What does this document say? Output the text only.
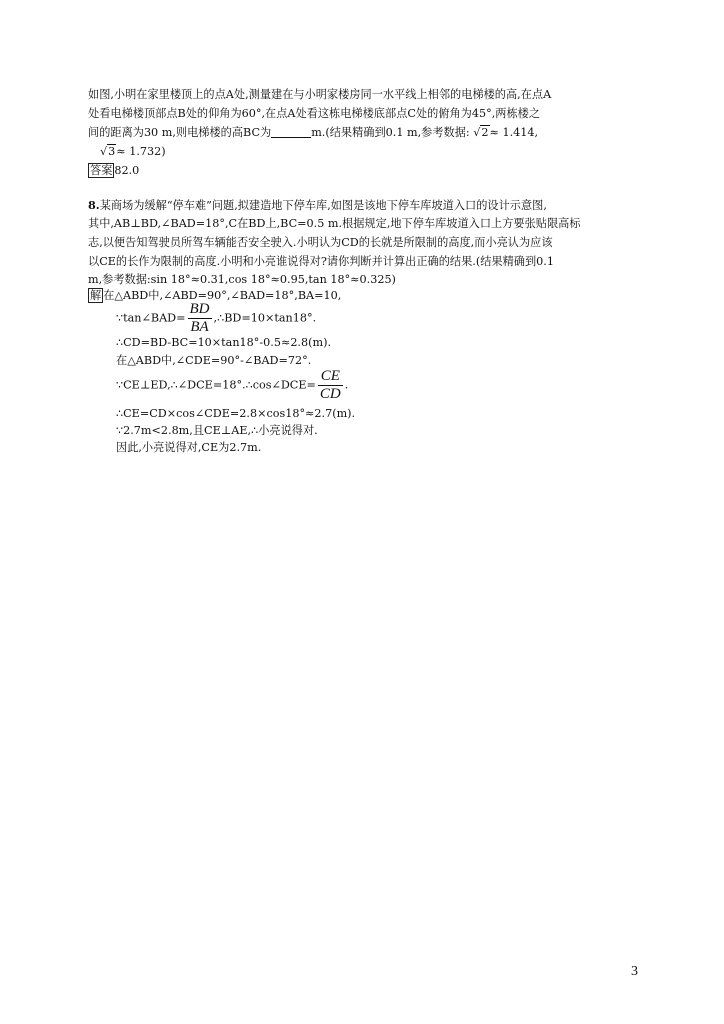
如图,小明在家里楼顶上的点A处,测量建在与小明家楼房同一水平线上相邻的电梯楼的高,在点A
处看电梯楼顶部点B处的仰角为60°,在点A处看这栋电梯楼底部点C处的俯角为45°,两栋楼之
间的距离为30 m,则电梯楼的高BC为	m.(结果精确到0.1 m,参考数据: √2≈ 1.414,
√3≈ 1.732)
答案 82.0
8.某商场为缓解“停车难”问题,拟建造地下停车库,如图是该地下停车库坡道入口的设计示意图,
其中,AB⊥BD,∠BAD=18°,C在BD上,BC=0.5 m.根据规定,地下停车库坡道入口上方要张贴限高标
志,以便告知驾驶员所驾车辆能否安全驶入.小明认为CD的长就是所限制的高度,而小亮认为应该
以CE的长作为限制的高度.小明和小亮谁说得对?请你判断并计算出正确的结果.(结果精确到0.1
m,参考数据:sin 18°≈0.31,cos 18°≈0.95,tan 18°≈0.325)
解 在△ABD中,∠ABD=90°,∠BAD=18°,BA=10,
∵tan∠BAD= $\frac{BD}{BA}$ ,∴BD=10×tan18°.
∴CD=BD-BC=10×tan18°-0.5≈2.8(m).
在△ABD中,∠CDE=90°-∠BAD=72°.
∵CE⊥ED,∴∠DCE=18°.∴cos∠DCE= $\frac{CE}{CD}$ .
∴CE=CD×cos∠CDE=2.8×cos18°≈2.7(m).
∵2.7m<2.8m,且CE⊥AE,∴小亮说得对.
因此,小亮说得对,CE为2.7m.
3
